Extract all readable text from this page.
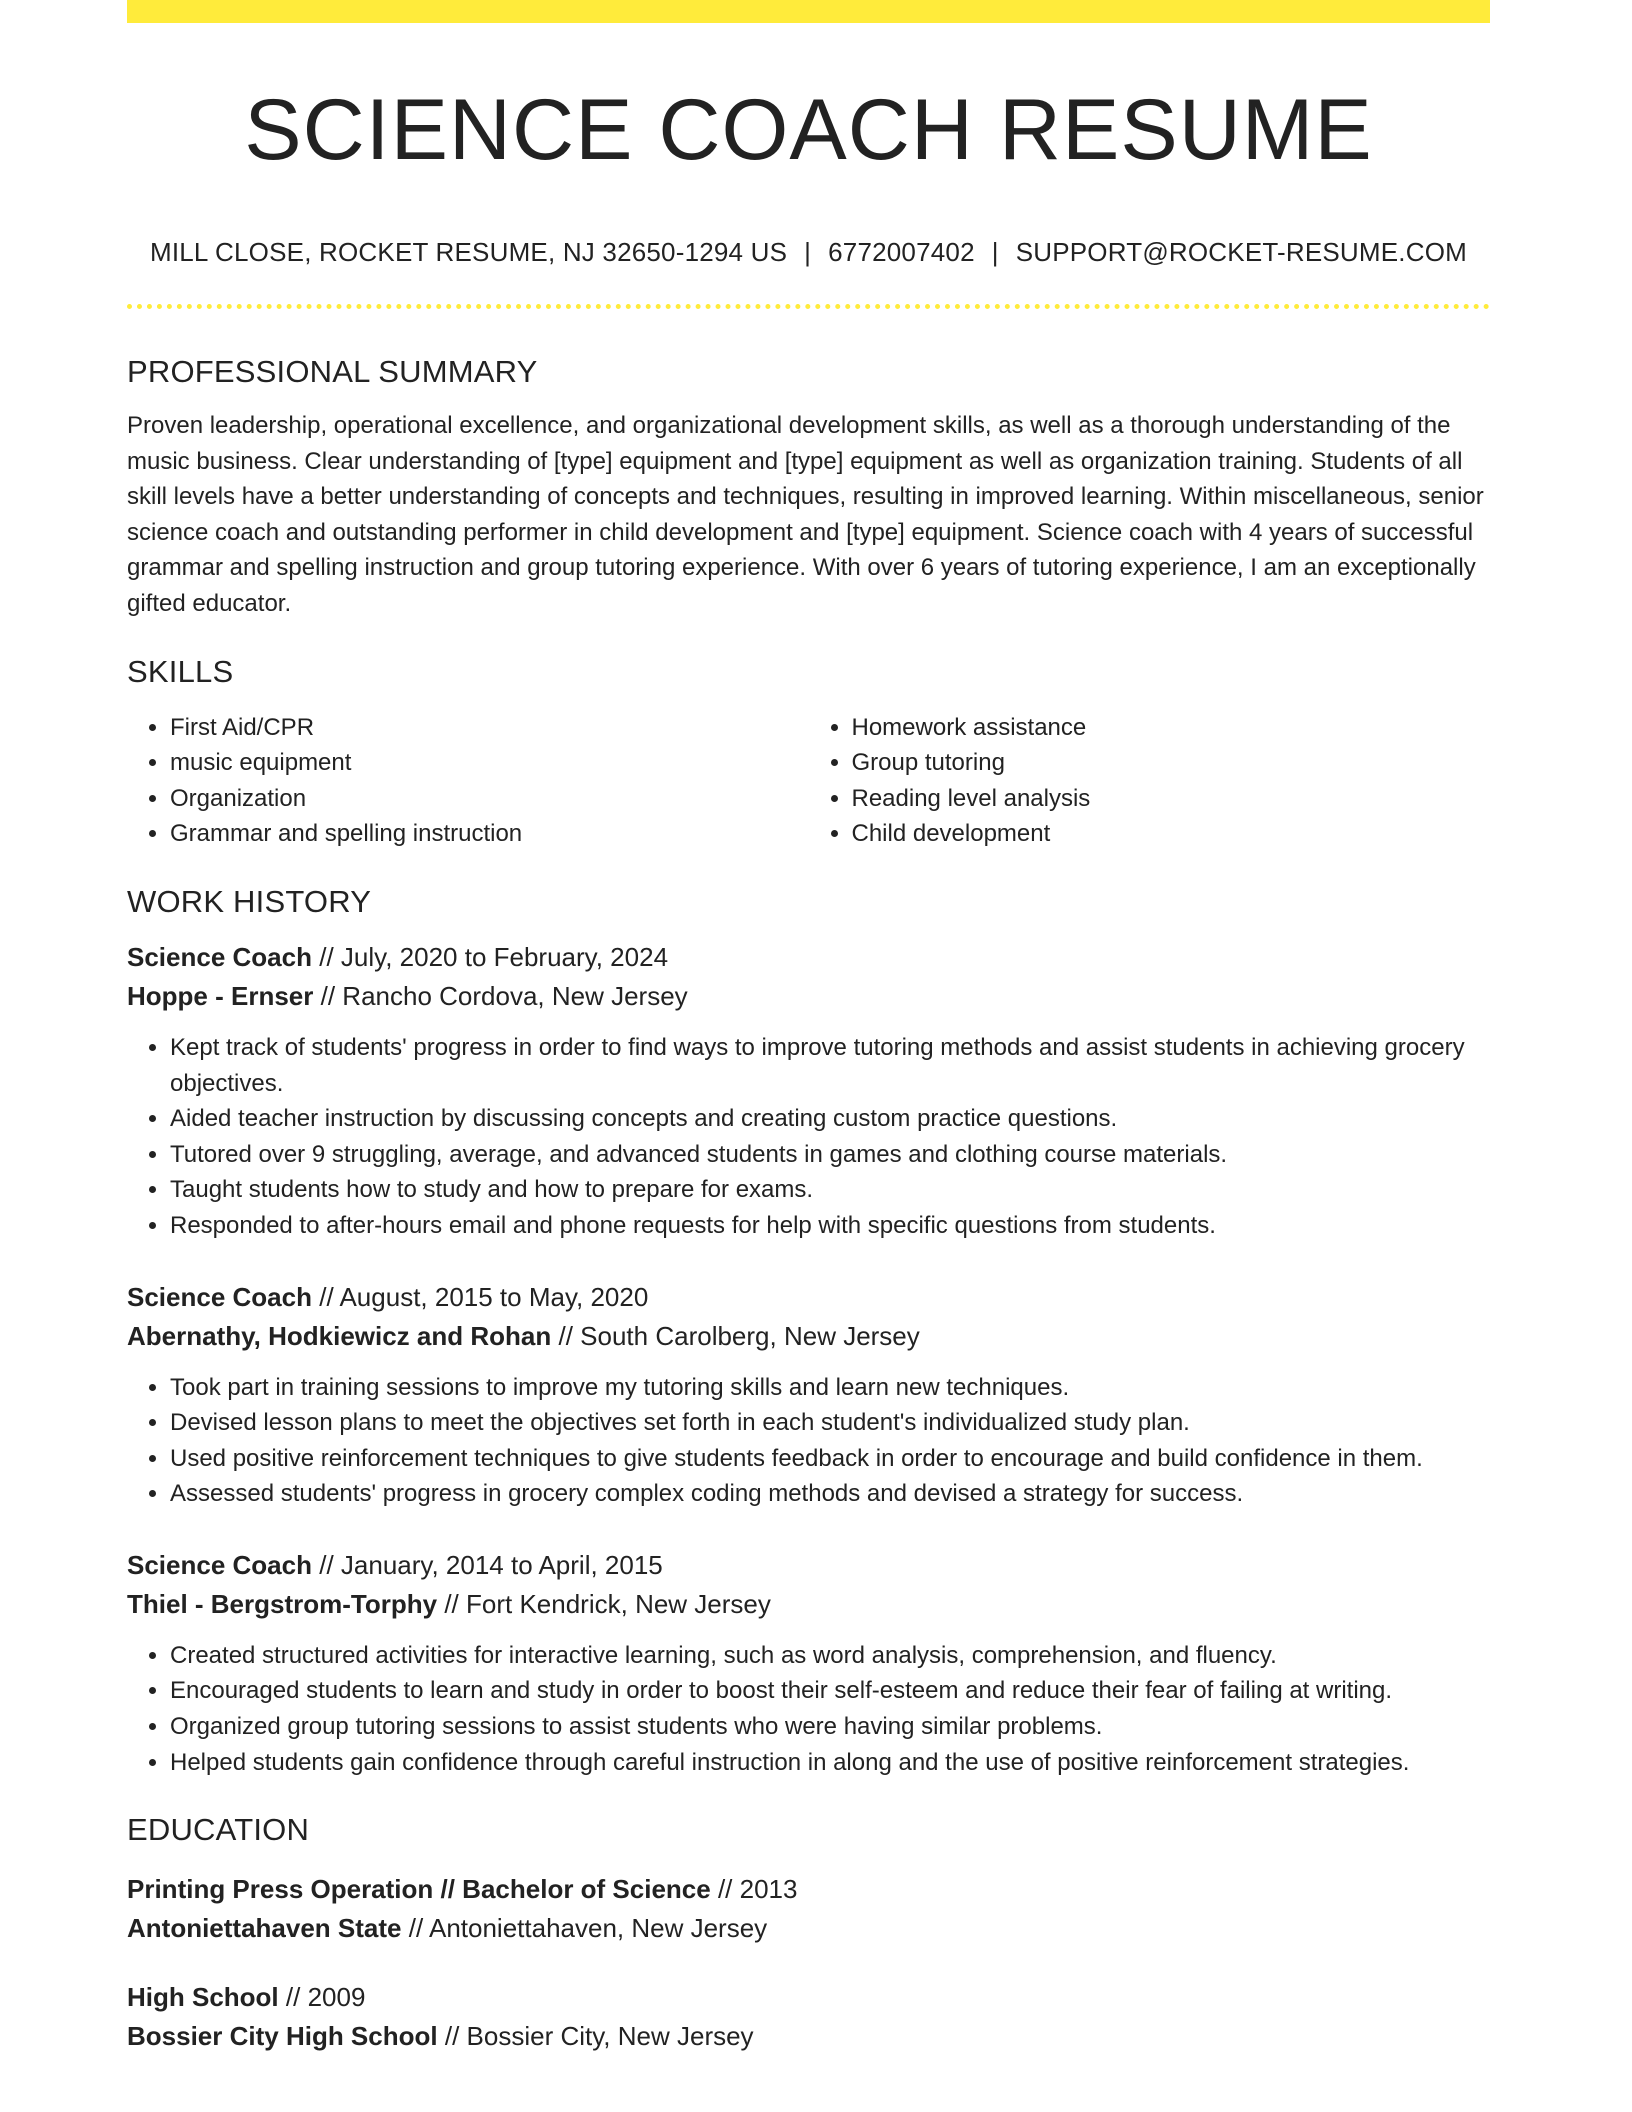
SCIENCE COACH RESUME
MILL CLOSE, ROCKET RESUME, NJ 32650-1294 US | 6772007402 | SUPPORT@ROCKET-RESUME.COM
PROFESSIONAL SUMMARY

Proven leadership, operational excellence, and organizational development skills, as well as a thorough understanding of the music business. Clear understanding of [type] equipment and [type] equipment as well as organization training. Students of all skill levels have a better understanding of concepts and techniques, resulting in improved learning. Within miscellaneous, senior science coach and outstanding performer in child development and [type] equipment. Science coach with 4 years of successful grammar and spelling instruction and group tutoring experience. With over 6 years of tutoring experience, I am an exceptionally gifted educator.

SKILLS
• First Aid/CPR
• music equipment
• Organization
• Grammar and spelling instruction
• Homework assistance
• Group tutoring
• Reading level analysis
• Child development
WORK HISTORY
Science Coach // July, 2020 to February, 2024
Hoppe - Ernser // Rancho Cordova, New Jersey
• Kept track of students' progress in order to find ways to improve tutoring methods and assist students in achieving grocery objectives.
• Aided teacher instruction by discussing concepts and creating custom practice questions.
• Tutored over 9 struggling, average, and advanced students in games and clothing course materials.
• Taught students how to study and how to prepare for exams.
• Responded to after-hours email and phone requests for help with specific questions from students.
Science Coach // August, 2015 to May, 2020
Abernathy, Hodkiewicz and Rohan // South Carolberg, New Jersey
• Took part in training sessions to improve my tutoring skills and learn new techniques.
• Devised lesson plans to meet the objectives set forth in each student's individualized study plan.
• Used positive reinforcement techniques to give students feedback in order to encourage and build confidence in them.
• Assessed students' progress in grocery complex coding methods and devised a strategy for success.
Science Coach // January, 2014 to April, 2015
Thiel - Bergstrom-Torphy // Fort Kendrick, New Jersey
• Created structured activities for interactive learning, such as word analysis, comprehension, and fluency.
• Encouraged students to learn and study in order to boost their self-esteem and reduce their fear of failing at writing.
• Organized group tutoring sessions to assist students who were having similar problems.
• Helped students gain confidence through careful instruction in along and the use of positive reinforcement strategies.
EDUCATION
Printing Press Operation // Bachelor of Science // 2013
Antoniettahaven State // Antoniettahaven, New Jersey
High School // 2009
Bossier City High School // Bossier City, New Jersey
